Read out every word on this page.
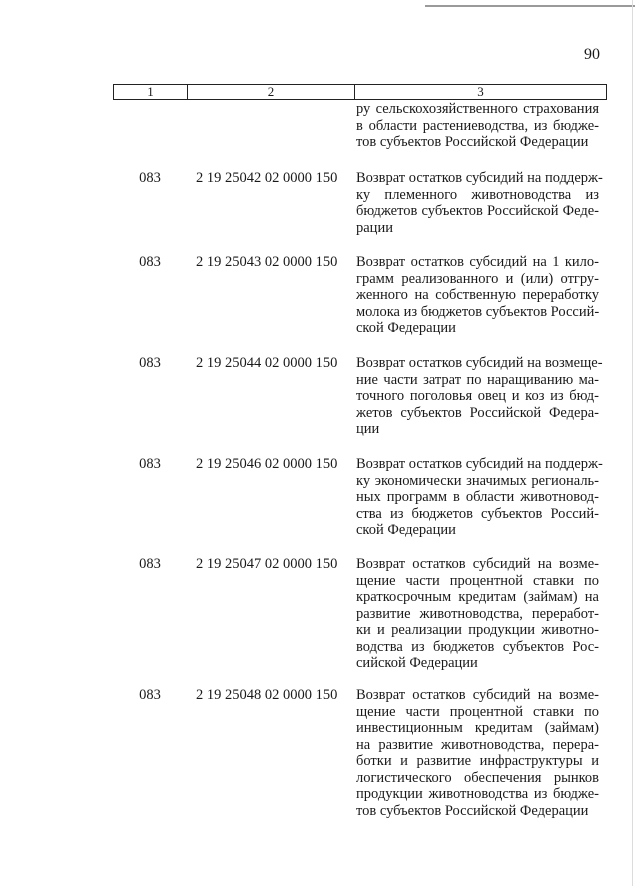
90
1	2	3
ру сельскохозяйственного страхования
в области растениеводства, из бюдже-
тов субъектов Российской Федерации
083	2 19 25042 02 0000 150	Возврат остатков субсидий на поддерж-
ку племенного животноводства из
бюджетов субъектов Российской Феде-
рации
083	2 19 25043 02 0000 150	Возврат остатков субсидий на 1 кило-
грамм реализованного и (или) отгру-
женного на собственную переработку
молока из бюджетов субъектов Россий-
ской Федерации
083	2 19 25044 02 0000 150	Возврат остатков субсидий на возмеще-
ние части затрат по наращиванию ма-
точного поголовья овец и коз из бюд-
жетов субъектов Российской Федера-
ции
083	2 19 25046 02 0000 150	Возврат остатков субсидий на поддерж-
ку экономически значимых региональ-
ных программ в области животновод-
ства из бюджетов субъектов Россий-
ской Федерации
083	2 19 25047 02 0000 150	Возврат остатков субсидий на возме-
щение части процентной ставки по
краткосрочным кредитам (займам) на
развитие животноводства, переработ-
ки и реализации продукции животно-
водства из бюджетов субъектов Рос-
сийской Федерации
083	2 19 25048 02 0000 150	Возврат остатков субсидий на возме-
щение части процентной ставки по
инвестиционным кредитам (займам)
на развитие животноводства, перера-
ботки и развитие инфраструктуры и
логистического обеспечения рынков
продукции животноводства из бюдже-
тов субъектов Российской Федерации
